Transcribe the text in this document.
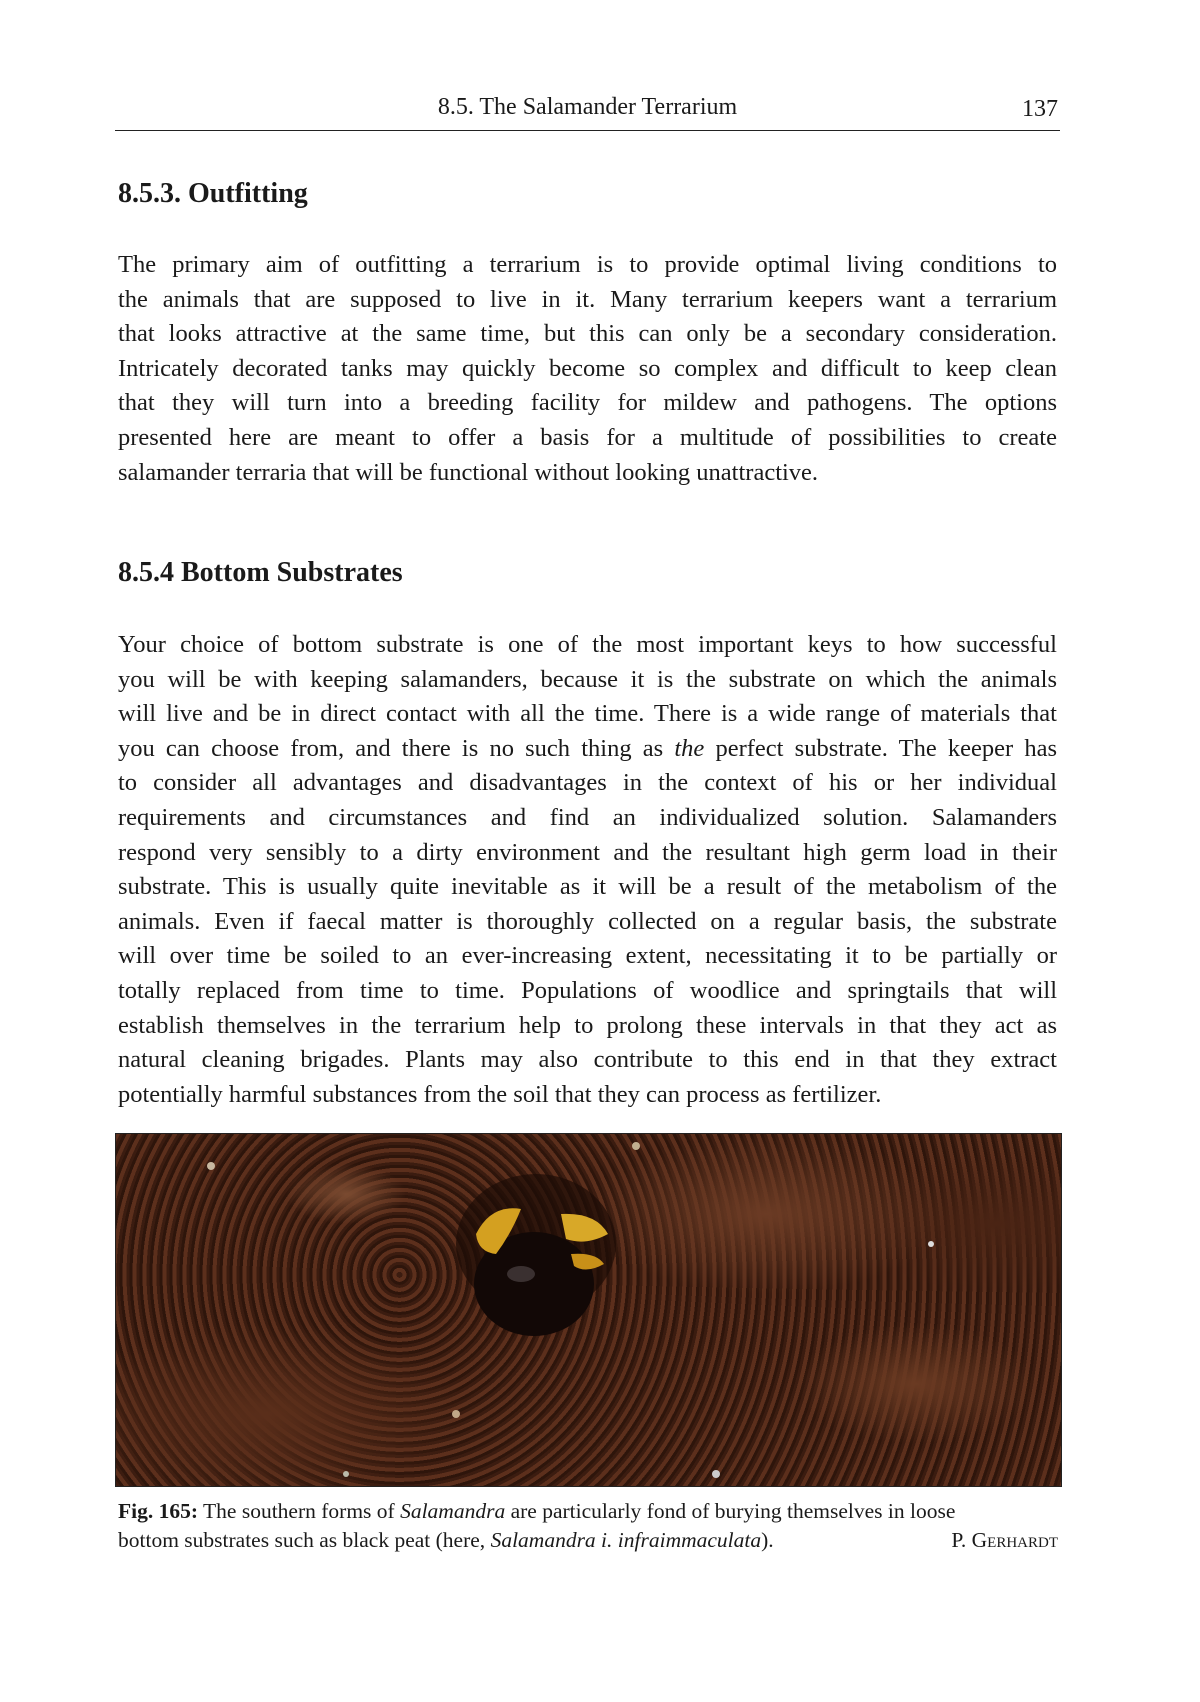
8.5. The Salamander Terrarium	137
8.5.3. Outfitting
The primary aim of outfitting a terrarium is to provide optimal living conditions to
the animals that are supposed to live in it. Many terrarium keepers want a terrarium
that looks attractive at the same time, but this can only be a secondary consideration.
Intricately decorated tanks may quickly become so complex and difficult to keep clean
that they will turn into a breeding facility for mildew and pathogens. The options
presented here are meant to offer a basis for a multitude of possibilities to create
salamander terraria that will be functional without looking unattractive.
8.5.4 Bottom Substrates
Your choice of bottom substrate is one of the most important keys to how successful
you will be with keeping salamanders, because it is the substrate on which the animals
will live and be in direct contact with all the time. There is a wide range of materials that
you can choose from, and there is no such thing as the perfect substrate. The keeper has
to consider all advantages and disadvantages in the context of his or her individual
requirements and circumstances and find an individualized solution. Salamanders
respond very sensibly to a dirty environment and the resultant high germ load in their
substrate. This is usually quite inevitable as it will be a result of the metabolism of the
animals. Even if faecal matter is thoroughly collected on a regular basis, the substrate
will over time be soiled to an ever-increasing extent, necessitating it to be partially or
totally replaced from time to time. Populations of woodlice and springtails that will
establish themselves in the terrarium help to prolong these intervals in that they act as
natural cleaning brigades. Plants may also contribute to this end in that they extract
potentially harmful substances from the soil that they can process as fertilizer.
Fig. 165: The southern forms of Salamandra are particularly fond of burying themselves in loose
bottom substrates such as black peat (here, Salamandra i. infraimmaculata).	P. Gerhardt
